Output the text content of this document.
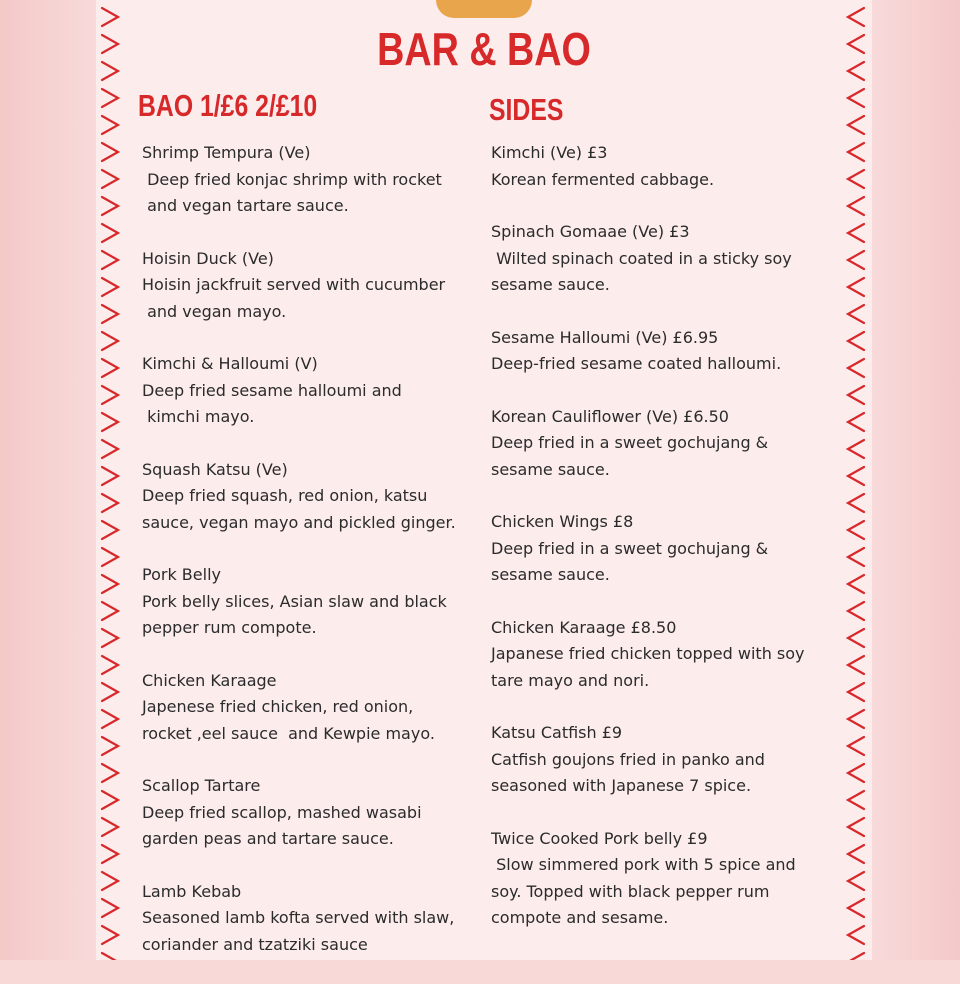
BAR & BAO
BAO 1/£6 2/£10	SIDES
Shrimp Tempura (Ve)
Deep fried konjac shrimp with rocket
and vegan tartare sauce.
Hoisin Duck (Ve)
Hoisin jackfruit served with cucumber
and vegan mayo.
Kimchi & Halloumi (V)
Deep fried sesame halloumi and
kimchi mayo.
Squash Katsu (Ve)
Deep fried squash, red onion, katsu
sauce, vegan mayo and pickled ginger.
Pork Belly
Pork belly slices, Asian slaw and black
pepper rum compote.
Chicken Karaage
Japenese fried chicken, red onion,
rocket ,eel sauce  and Kewpie mayo.
Scallop Tartare
Deep fried scallop, mashed wasabi
garden peas and tartare sauce.
Lamb Kebab
Seasoned lamb kofta served with slaw,
coriander and tzatziki sauce
Kimchi (Ve) £3
Korean fermented cabbage.
Spinach Gomaae (Ve) £3
Wilted spinach coated in a sticky soy
sesame sauce.
Sesame Halloumi (Ve) £6.95
Deep-fried sesame coated halloumi.
Korean Cauliflower (Ve) £6.50
Deep fried in a sweet gochujang &
sesame sauce.
Chicken Wings £8
Deep fried in a sweet gochujang &
sesame sauce.
Chicken Karaage £8.50
Japanese fried chicken topped with soy
tare mayo and nori.
Katsu Catfish £9
Catfish goujons fried in panko and
seasoned with Japanese 7 spice.
Twice Cooked Pork belly £9
Slow simmered pork with 5 spice and
soy. Topped with black pepper rum
compote and sesame.
